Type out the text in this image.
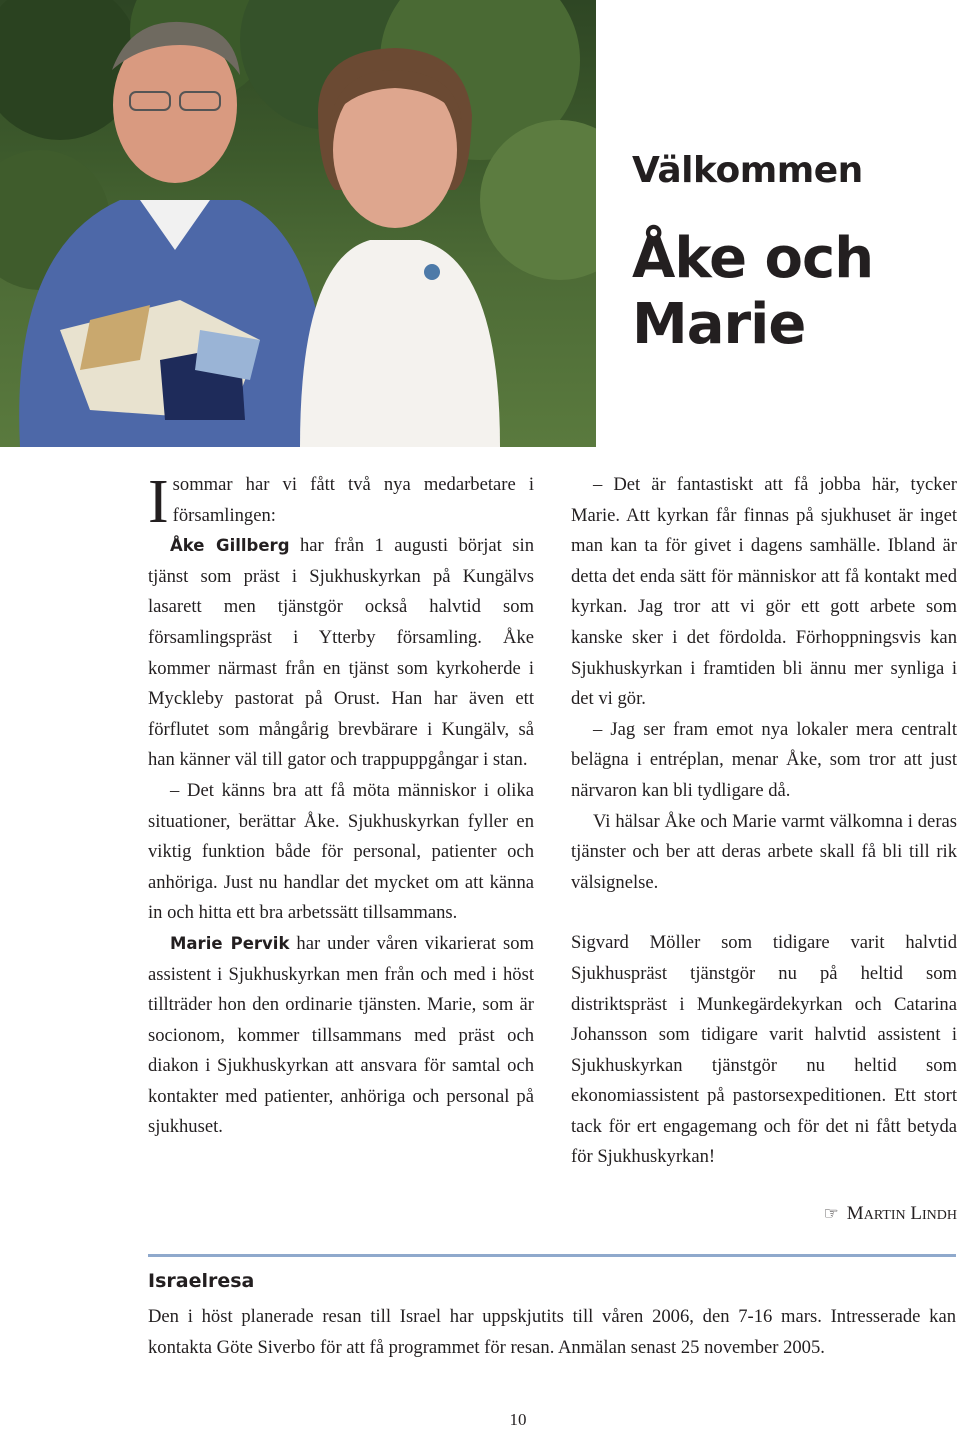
Välkommen
Åke och Marie

Isommar har vi fått två nya medarbetare i församlingen:

Åke Gillberg har från 1 augusti börjat sin tjänst som präst i Sjukhuskyrkan på Kungälvs lasarett men tjänstgör också halvtid som församlingspräst i Ytterby församling. Åke kommer närmast från en tjänst som kyrkoherde i Myckleby pastorat på Orust. Han har även ett förflutet som mångårig brevbärare i Kungälv, så han känner väl till gator och trappuppgångar i stan.

– Det känns bra att få möta människor i olika situationer, berättar Åke. Sjukhuskyrkan fyller en viktig funktion både för personal, patienter och anhöriga. Just nu handlar det mycket om att känna in och hitta ett bra arbetssätt tillsammans.

Marie Pervik har under våren vikarierat som assistent i Sjukhuskyrkan men från och med i höst tillträder hon den ordinarie tjänsten. Marie, som är socionom, kommer tillsammans med präst och diakon i Sjukhuskyrkan att ansvara för samtal och kontakter med patienter, anhöriga och personal på sjukhuset.

– Det är fantastiskt att få jobba här, tycker Marie. Att kyrkan får finnas på sjukhuset är inget man kan ta för givet i dagens samhälle. Ibland är detta det enda sätt för människor att få kontakt med kyrkan. Jag tror att vi gör ett gott arbete som kanske sker i det fördolda. Förhoppningsvis kan Sjukhuskyrkan i framtiden bli ännu mer synliga i det vi gör.

– Jag ser fram emot nya lokaler mera centralt belägna i entréplan, menar Åke, som tror att just närvaron kan bli tydligare då.

Vi hälsar Åke och Marie varmt välkomna i deras tjänster och ber att deras arbete skall få bli till rik välsignelse.

Sigvard Möller som tidigare varit halvtid Sjukhuspräst tjänstgör nu på heltid som distriktspräst i Munkegärdekyrkan och Catarina Johansson som tidigare varit halvtid assistent i Sjukhuskyrkan tjänstgör nu heltid som ekonomiassistent på pastorsexpeditionen. Ett stort tack för ert engagemang och för det ni fått betyda för Sjukhuskyrkan!

☞ MARTIN LINDH
Israelresa
Den i höst planerade resan till Israel har uppskjutits till våren 2006, den 7-16 mars. Intresserade kan kontakta Göte Siverbo för att få programmet för resan. Anmälan senast 25 november 2005.
10
